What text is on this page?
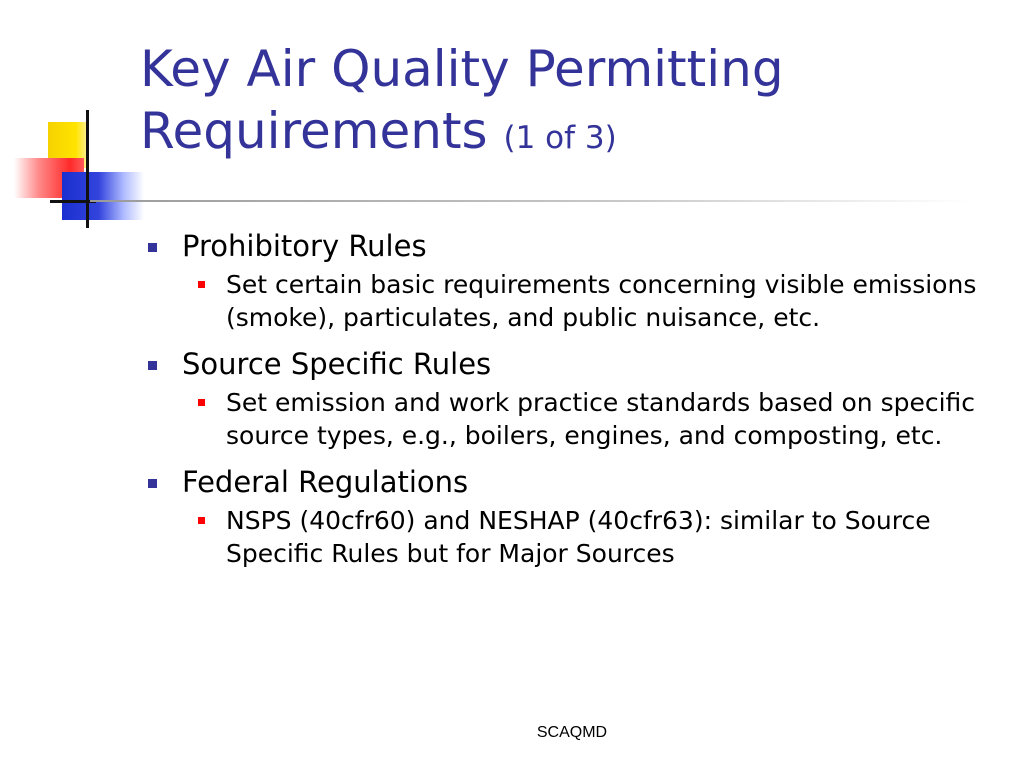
Key Air Quality Permitting Requirements (1 of 3)
Prohibitory Rules
Set certain basic requirements concerning visible emissions (smoke), particulates, and public nuisance, etc.
Source Specific Rules
Set emission and work practice standards based on specific source types, e.g., boilers, engines, and composting, etc.
Federal Regulations
NSPS (40cfr60) and NESHAP (40cfr63): similar to Source Specific Rules but for Major Sources
SCAQMD
